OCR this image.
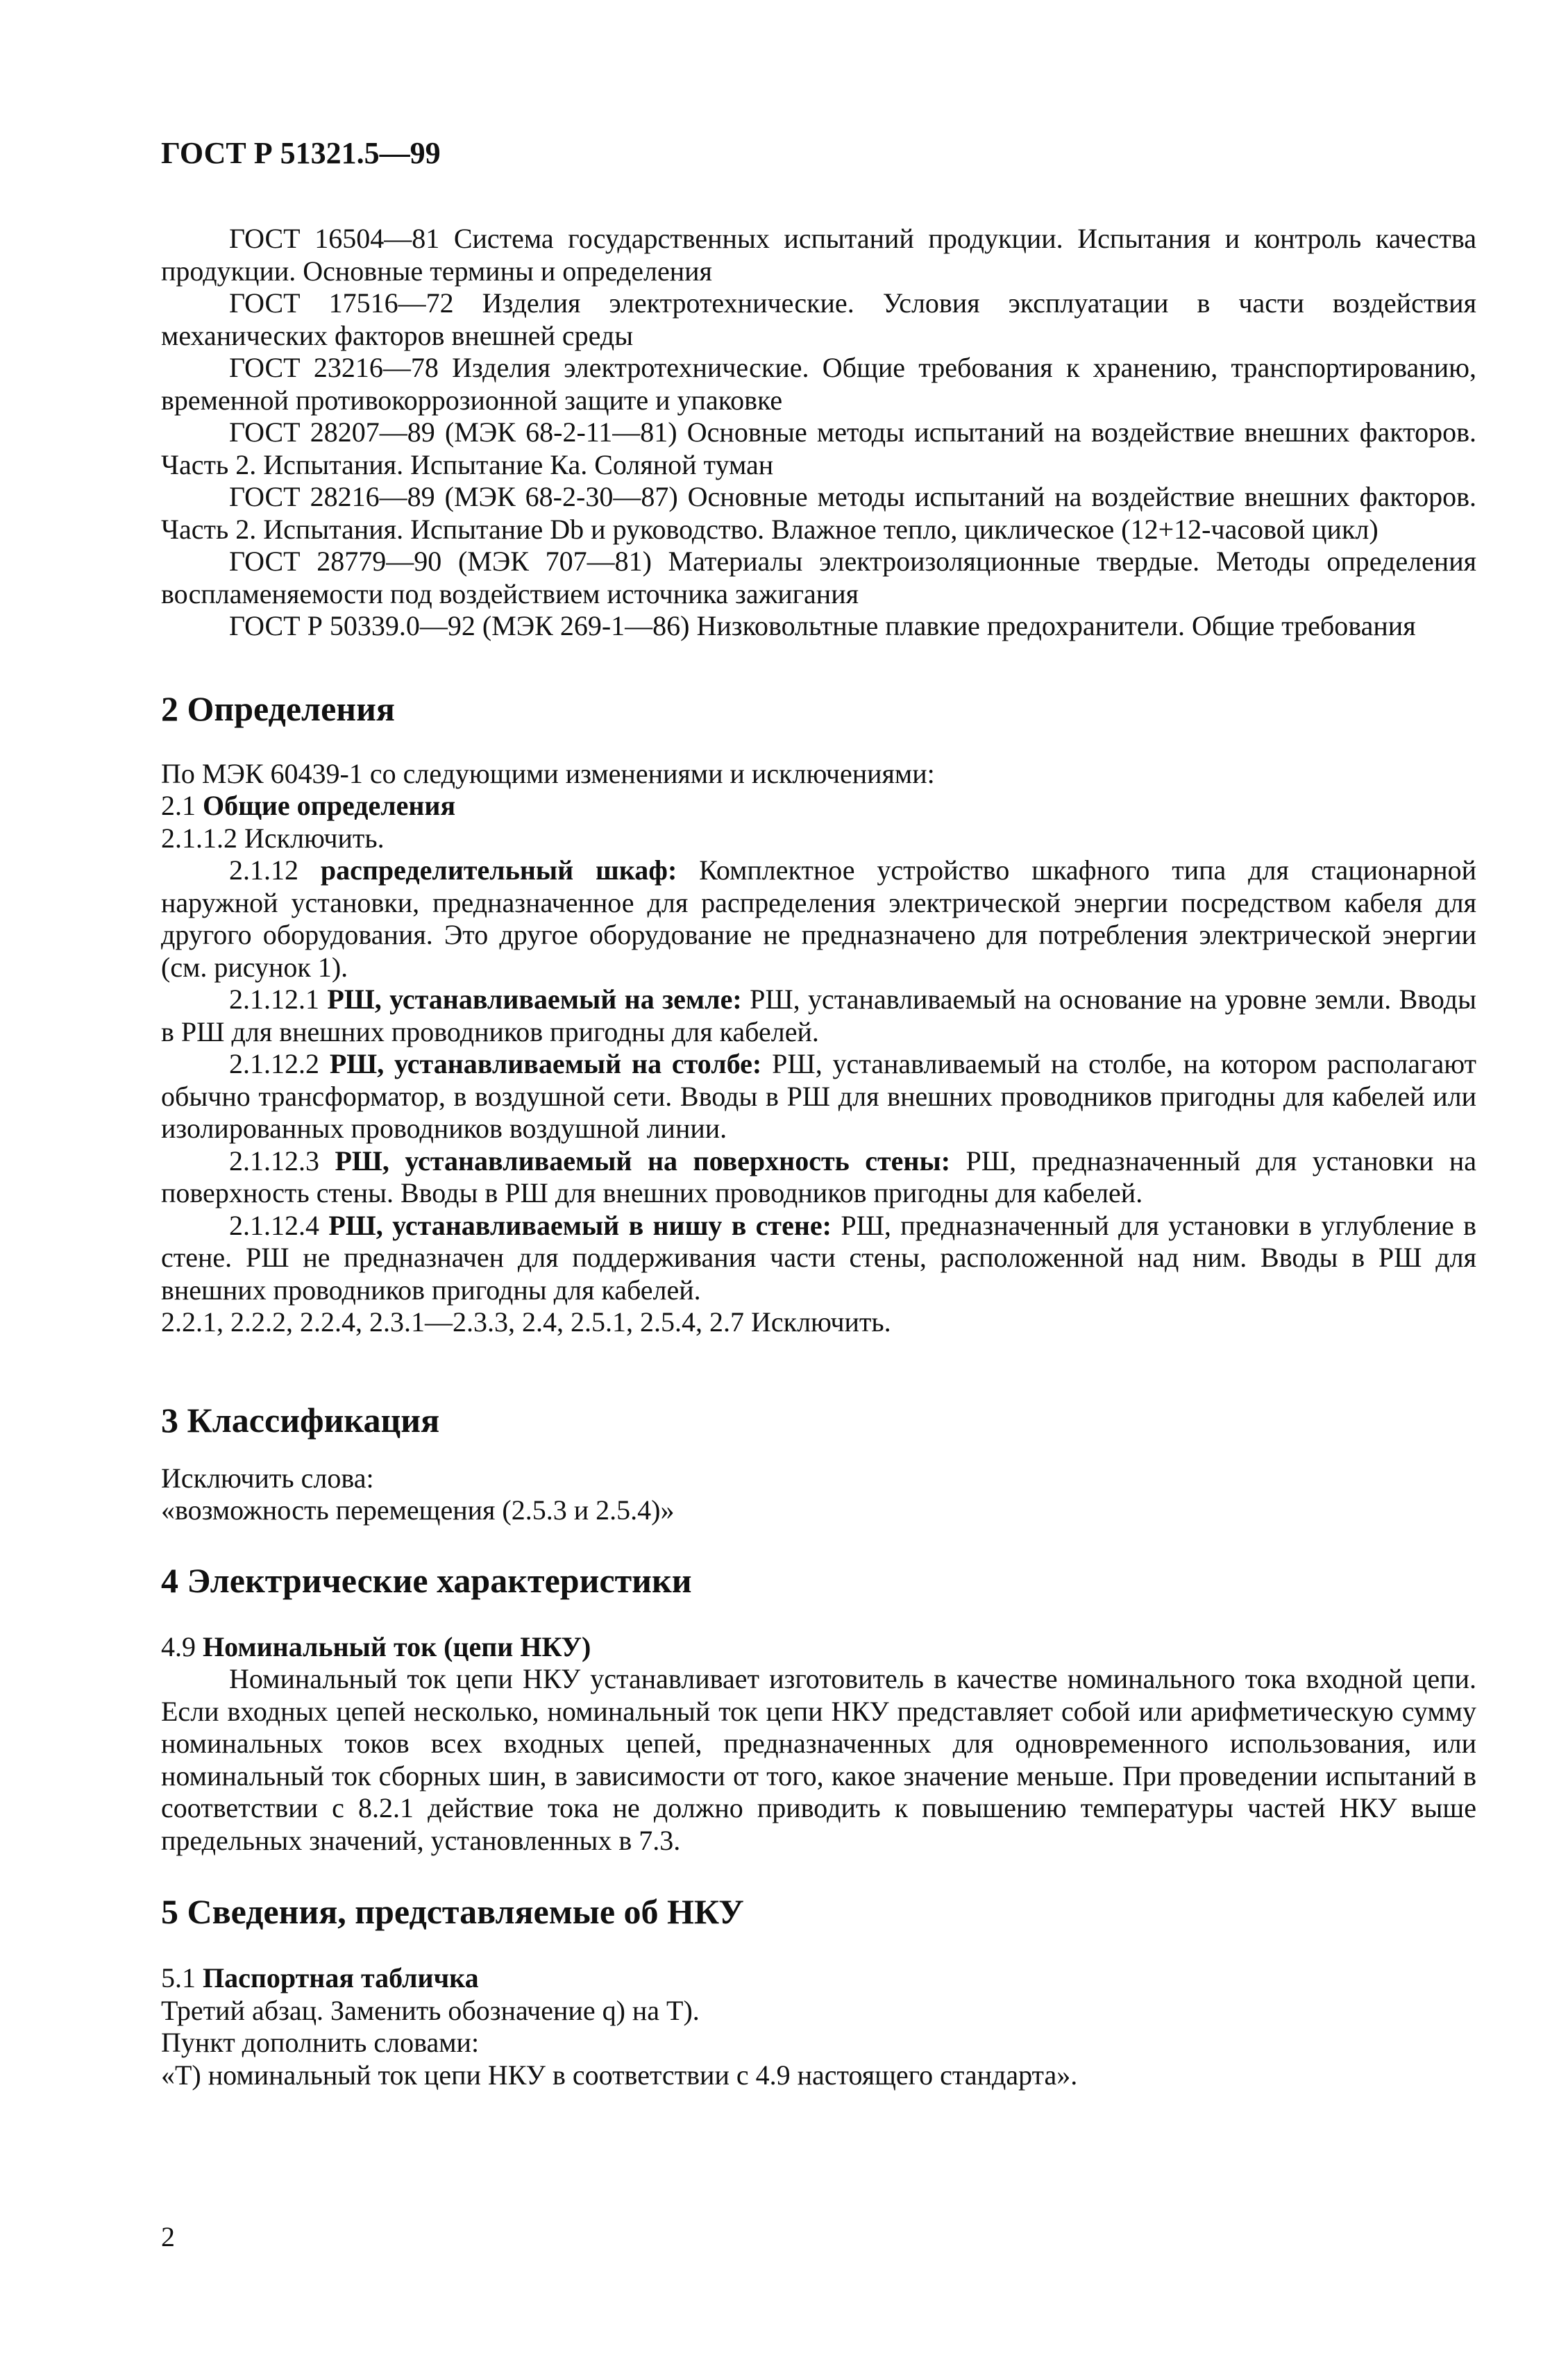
ГОСТ Р 51321.5—99

ГОСТ 16504—81 Система государственных испытаний продукции. Испытания и контроль качества продукции. Основные термины и определения

ГОСТ 17516—72 Изделия электротехнические. Условия эксплуатации в части воздействия механических факторов внешней среды

ГОСТ 23216—78 Изделия электротехнические. Общие требования к хранению, транспортированию, временной противокоррозионной защите и упаковке

ГОСТ 28207—89 (МЭК 68-2-11—81) Основные методы испытаний на воздействие внешних факторов. Часть 2. Испытания. Испытание Ка. Соляной туман

ГОСТ 28216—89 (МЭК 68-2-30—87) Основные методы испытаний на воздействие внешних факторов. Часть 2. Испытания. Испытание Db и руководство. Влажное тепло, циклическое (12+12-часовой цикл)

ГОСТ 28779—90 (МЭК 707—81) Материалы электроизоляционные твердые. Методы определения воспламеняемости под воздействием источника зажигания

ГОСТ Р 50339.0—92 (МЭК 269-1—86) Низковольтные плавкие предохранители. Общие требования

2 Определения

По МЭК 60439-1 со следующими изменениями и исключениями:

2.1 Общие определения

2.1.1.2 Исключить.

2.1.12 распределительный шкаф: Комплектное устройство шкафного типа для стационарной наружной установки, предназначенное для распределения электрической энергии посредством кабеля для другого оборудования. Это другое оборудование не предназначено для потребления электрической энергии (см. рисунок 1).

2.1.12.1 РШ, устанавливаемый на земле: РШ, устанавливаемый на основание на уровне земли. Вводы в РШ для внешних проводников пригодны для кабелей.

2.1.12.2 РШ, устанавливаемый на столбе: РШ, устанавливаемый на столбе, на котором располагают обычно трансформатор, в воздушной сети. Вводы в РШ для внешних проводников пригодны для кабелей или изолированных проводников воздушной линии.

2.1.12.3 РШ, устанавливаемый на поверхность стены: РШ, предназначенный для установки на поверхность стены. Вводы в РШ для внешних проводников пригодны для кабелей.

2.1.12.4 РШ, устанавливаемый в нишу в стене: РШ, предназначенный для установки в углубление в стене. РШ не предназначен для поддерживания части стены, расположенной над ним. Вводы в РШ для внешних проводников пригодны для кабелей.

2.2.1, 2.2.2, 2.2.4, 2.3.1—2.3.3, 2.4, 2.5.1, 2.5.4, 2.7 Исключить.

3 Классификация

Исключить слова:

«возможность перемещения (2.5.3 и 2.5.4)»

4 Электрические характеристики

4.9 Номинальный ток (цепи НКУ)

Номинальный ток цепи НКУ устанавливает изготовитель в качестве номинального тока входной цепи. Если входных цепей несколько, номинальный ток цепи НКУ представляет собой или арифметическую сумму номинальных токов всех входных цепей, предназначенных для одновременного использования, или номинальный ток сборных шин, в зависимости от того, какое значение меньше. При проведении испытаний в соответствии с 8.2.1 действие тока не должно приводить к повышению температуры частей НКУ выше предельных значений, установленных в 7.3.

5 Сведения, представляемые об НКУ

5.1 Паспортная табличка

Третий абзац. Заменить обозначение q) на Т).

Пункт дополнить словами:

«Т) номинальный ток цепи НКУ в соответствии с 4.9 настоящего стандарта».

2
